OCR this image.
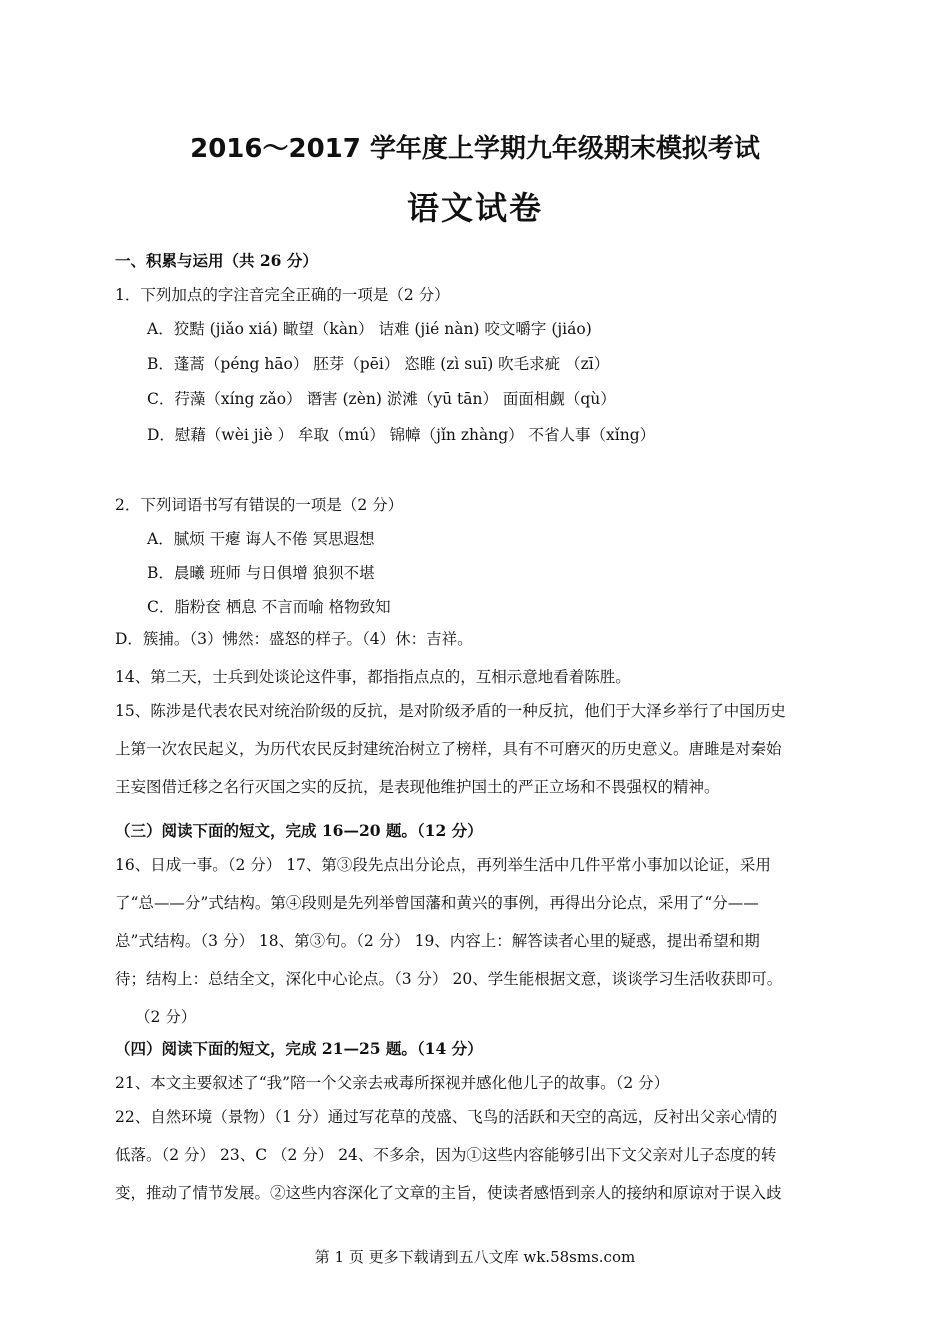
2016～2017 学年度上学期九年级期末模拟考试
语文试卷
一、积累与运用（共 26 分）
1．下列加点的字注音完全正确的一项是（2 分）
A．狡黠 (jiǎo xiá) 瞰望（kàn） 诘难 (jié nàn) 咬文嚼字 (jiáo)
B．蓬蒿（péng hāo） 胚芽（pēi） 恣睢 (zì suī) 吹毛求疵 （zī）
C．荇藻（xíng zǎo） 谮害 (zèn) 淤滩（yū tān） 面面相觑（qù）
D．慰藉（wèi jiè ） 牟取（mú） 锦幛（jǐn zhàng） 不省人事（xǐng）
2．下列词语书写有错误的一项是（2 分）
A．腻烦 干瘪 诲人不倦 冥思遐想
B．晨曦 班师 与日俱增 狼狈不堪
C．脂粉奁 栖息 不言而喻 格物致知
D．簇捕。（3）怫然：盛怒的样子。（4）休：吉祥。
14、第二天，士兵到处谈论这件事，都指指点点的，互相示意地看着陈胜。
15、陈涉是代表农民对统治阶级的反抗，是对阶级矛盾的一种反抗，他们于大泽乡举行了中国历史
上第一次农民起义，为历代农民反封建统治树立了榜样，具有不可磨灭的历史意义。唐雎是对秦始
王妄图借迁移之名行灭国之实的反抗，是表现他维护国土的严正立场和不畏强权的精神。
（三）阅读下面的短文，完成 16—20 题。（12 分）
16、日成一事。（2 分） 17、第③段先点出分论点，再列举生活中几件平常小事加以论证，采用
了“总——分”式结构。第④段则是先列举曾国藩和黄兴的事例，再得出分论点，采用了“分——
总”式结构。（3 分） 18、第③句。（2 分） 19、内容上：解答读者心里的疑惑，提出希望和期
待；结构上：总结全文，深化中心论点。（3 分） 20、学生能根据文意，谈谈学习生活收获即可。
（2 分）
（四）阅读下面的短文，完成 21—25 题。（14 分）
21、本文主要叙述了“我”陪一个父亲去戒毒所探视并感化他儿子的故事。（2 分）
22、自然环境（景物）（1 分）通过写花草的茂盛、飞鸟的活跃和天空的高远，反衬出父亲心情的
低落。（2 分） 23、C （2 分） 24、不多余，因为①这些内容能够引出下文父亲对儿子态度的转
变，推动了情节发展。②这些内容深化了文章的主旨，使读者感悟到亲人的接纳和原谅对于误入歧
第 1 页 更多下载请到五八文库 wk.58sms.com
